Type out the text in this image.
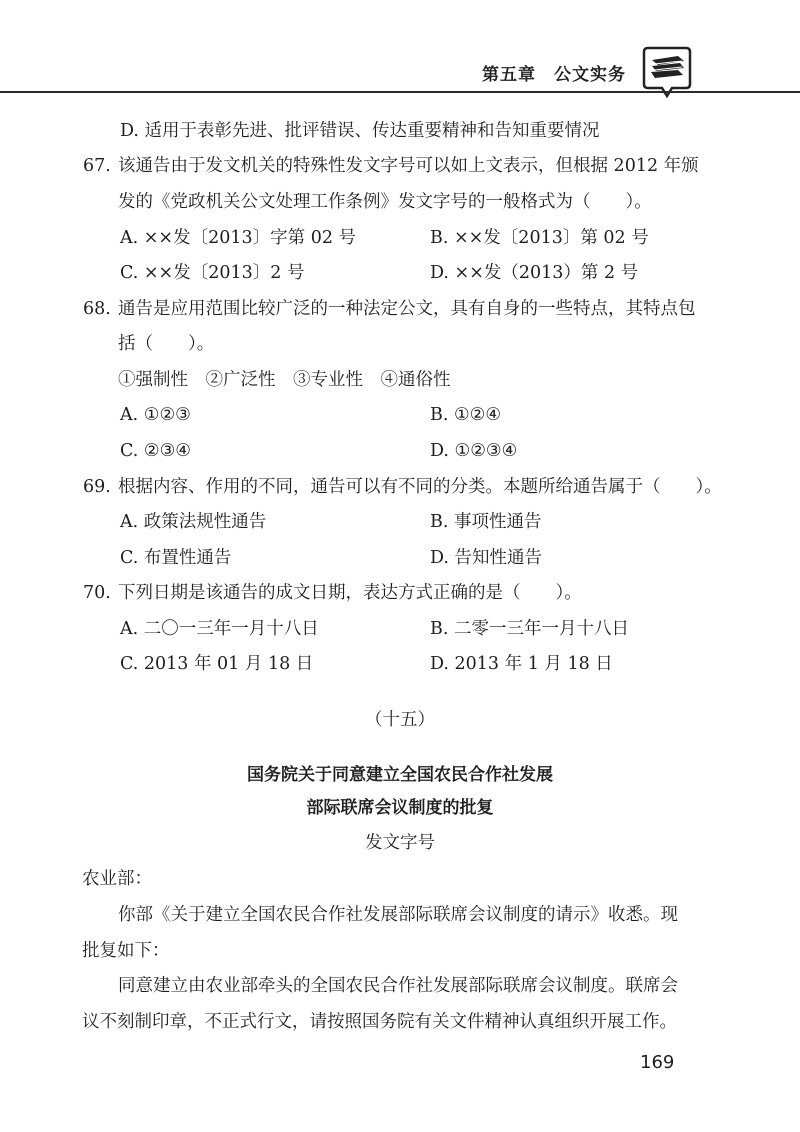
第五章　公文实务
D. 适用于表彰先进、批评错误、传达重要精神和告知重要情况
67. 该通告由于发文机关的特殊性发文字号可以如上文表示，但根据 2012 年颁
发的《党政机关公文处理工作条例》发文字号的一般格式为（　　）。
A. ××发〔2013〕字第 02 号	B. ××发〔2013〕第 02 号
C. ××发〔2013〕2 号	D. ××发（2013）第 2 号
68. 通告是应用范围比较广泛的一种法定公文，具有自身的一些特点，其特点包
括（　　）。
①强制性　②广泛性　③专业性　④通俗性
A. ①②③	B. ①②④
C. ②③④	D. ①②③④
69. 根据内容、作用的不同，通告可以有不同的分类。本题所给通告属于（　　）。
A. 政策法规性通告	B. 事项性通告
C. 布置性通告	D. 告知性通告
70. 下列日期是该通告的成文日期，表达方式正确的是（　　）。
A. 二〇一三年一月十八日	B. 二零一三年一月十八日
C. 2013 年 01 月 18 日	D. 2013 年 1 月 18 日
（十五）
国务院关于同意建立全国农民合作社发展
部际联席会议制度的批复
发文字号
农业部：
你部《关于建立全国农民合作社发展部际联席会议制度的请示》收悉。现
批复如下：
同意建立由农业部牵头的全国农民合作社发展部际联席会议制度。联席会
议不刻制印章，不正式行文，请按照国务院有关文件精神认真组织开展工作。
169
